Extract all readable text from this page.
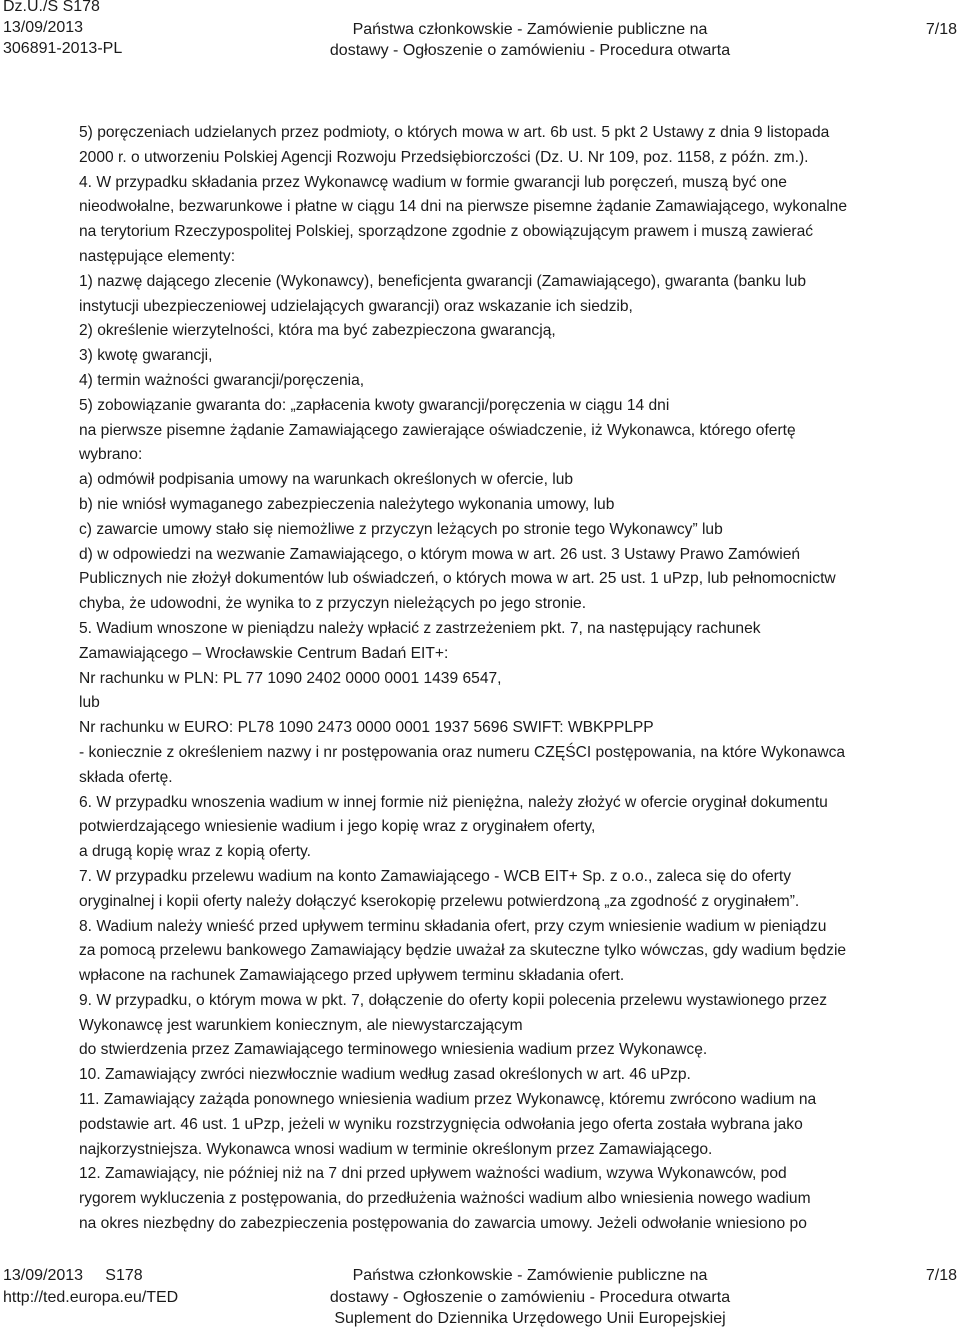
Dz.U./S S178
13/09/2013
306891-2013-PL
Państwa członkowskie - Zamówienie publiczne na
dostawy - Ogłoszenie o zamówieniu - Procedura otwarta
7/18
5) poręczeniach udzielanych przez podmioty, o których mowa w art. 6b ust. 5 pkt 2 Ustawy z dnia 9 listopada
2000 r. o utworzeniu Polskiej Agencji Rozwoju Przedsiębiorczości (Dz. U. Nr 109, poz. 1158, z późn. zm.).
4. W przypadku składania przez Wykonawcę wadium w formie gwarancji lub poręczeń, muszą być one
nieodwołalne, bezwarunkowe i płatne w ciągu 14 dni na pierwsze pisemne żądanie Zamawiającego, wykonalne
na terytorium Rzeczypospolitej Polskiej, sporządzone zgodnie z obowiązującym prawem i muszą zawierać
następujące elementy:
1) nazwę dającego zlecenie (Wykonawcy), beneficjenta gwarancji (Zamawiającego), gwaranta (banku lub
instytucji ubezpieczeniowej udzielających gwarancji) oraz wskazanie ich siedzib,
2) określenie wierzytelności, która ma być zabezpieczona gwarancją,
3) kwotę gwarancji,
4) termin ważności gwarancji/poręczenia,
5) zobowiązanie gwaranta do: „zapłacenia kwoty gwarancji/poręczenia w ciągu 14 dni
na pierwsze pisemne żądanie Zamawiającego zawierające oświadczenie, iż Wykonawca, którego ofertę
wybrano:
a) odmówił podpisania umowy na warunkach określonych w ofercie, lub
b) nie wniósł wymaganego zabezpieczenia należytego wykonania umowy, lub
c) zawarcie umowy stało się niemożliwe z przyczyn leżących po stronie tego Wykonawcy” lub
d) w odpowiedzi na wezwanie Zamawiającego, o którym mowa w art. 26 ust. 3 Ustawy Prawo Zamówień
Publicznych nie złożył dokumentów lub oświadczeń, o których mowa w art. 25 ust. 1 uPzp, lub pełnomocnictw
chyba, że udowodni, że wynika to z przyczyn nieleżących po jego stronie.
5. Wadium wnoszone w pieniądzu należy wpłacić z zastrzeżeniem pkt. 7, na następujący rachunek
Zamawiającego – Wrocławskie Centrum Badań EIT+:
Nr rachunku w PLN: PL 77 1090 2402 0000 0001 1439 6547,
lub
Nr rachunku w EURO: PL78 1090 2473 0000 0001 1937 5696 SWIFT: WBKPPLPP
- koniecznie z określeniem nazwy i nr postępowania oraz numeru CZĘŚCI postępowania, na które Wykonawca
składa ofertę.
6. W przypadku wnoszenia wadium w innej formie niż pieniężna, należy złożyć w ofercie oryginał dokumentu
potwierdzającego wniesienie wadium i jego kopię wraz z oryginałem oferty,
a drugą kopię wraz z kopią oferty.
7. W przypadku przelewu wadium na konto Zamawiającego - WCB EIT+ Sp. z o.o., zaleca się do oferty
oryginalnej i kopii oferty należy dołączyć kserokopię przelewu potwierdzoną „za zgodność z oryginałem”.
8. Wadium należy wnieść przed upływem terminu składania ofert, przy czym wniesienie wadium w pieniądzu
za pomocą przelewu bankowego Zamawiający będzie uważał za skuteczne tylko wówczas, gdy wadium będzie
wpłacone na rachunek Zamawiającego przed upływem terminu składania ofert.
9. W przypadku, o którym mowa w pkt. 7, dołączenie do oferty kopii polecenia przelewu wystawionego przez
Wykonawcę jest warunkiem koniecznym, ale niewystarczającym
do stwierdzenia przez Zamawiającego terminowego wniesienia wadium przez Wykonawcę.
10. Zamawiający zwróci niezwłocznie wadium według zasad określonych w art. 46 uPzp.
11. Zamawiający zażąda ponownego wniesienia wadium przez Wykonawcę, któremu zwrócono wadium na
podstawie art. 46 ust. 1 uPzp, jeżeli w wyniku rozstrzygnięcia odwołania jego oferta została wybrana jako
najkorzystniejsza. Wykonawca wnosi wadium w terminie określonym przez Zamawiającego.
12. Zamawiający, nie później niż na 7 dni przed upływem ważności wadium, wzywa Wykonawców, pod
rygorem wykluczenia z postępowania, do przedłużenia ważności wadium albo wniesienia nowego wadium
na okres niezbędny do zabezpieczenia postępowania do zawarcia umowy. Jeżeli odwołanie wniesiono po
13/09/2013     S178
http://ted.europa.eu/TED
Państwa członkowskie - Zamówienie publiczne na
dostawy - Ogłoszenie o zamówieniu - Procedura otwarta
Suplement do Dziennika Urzędowego Unii Europejskiej
7/18
